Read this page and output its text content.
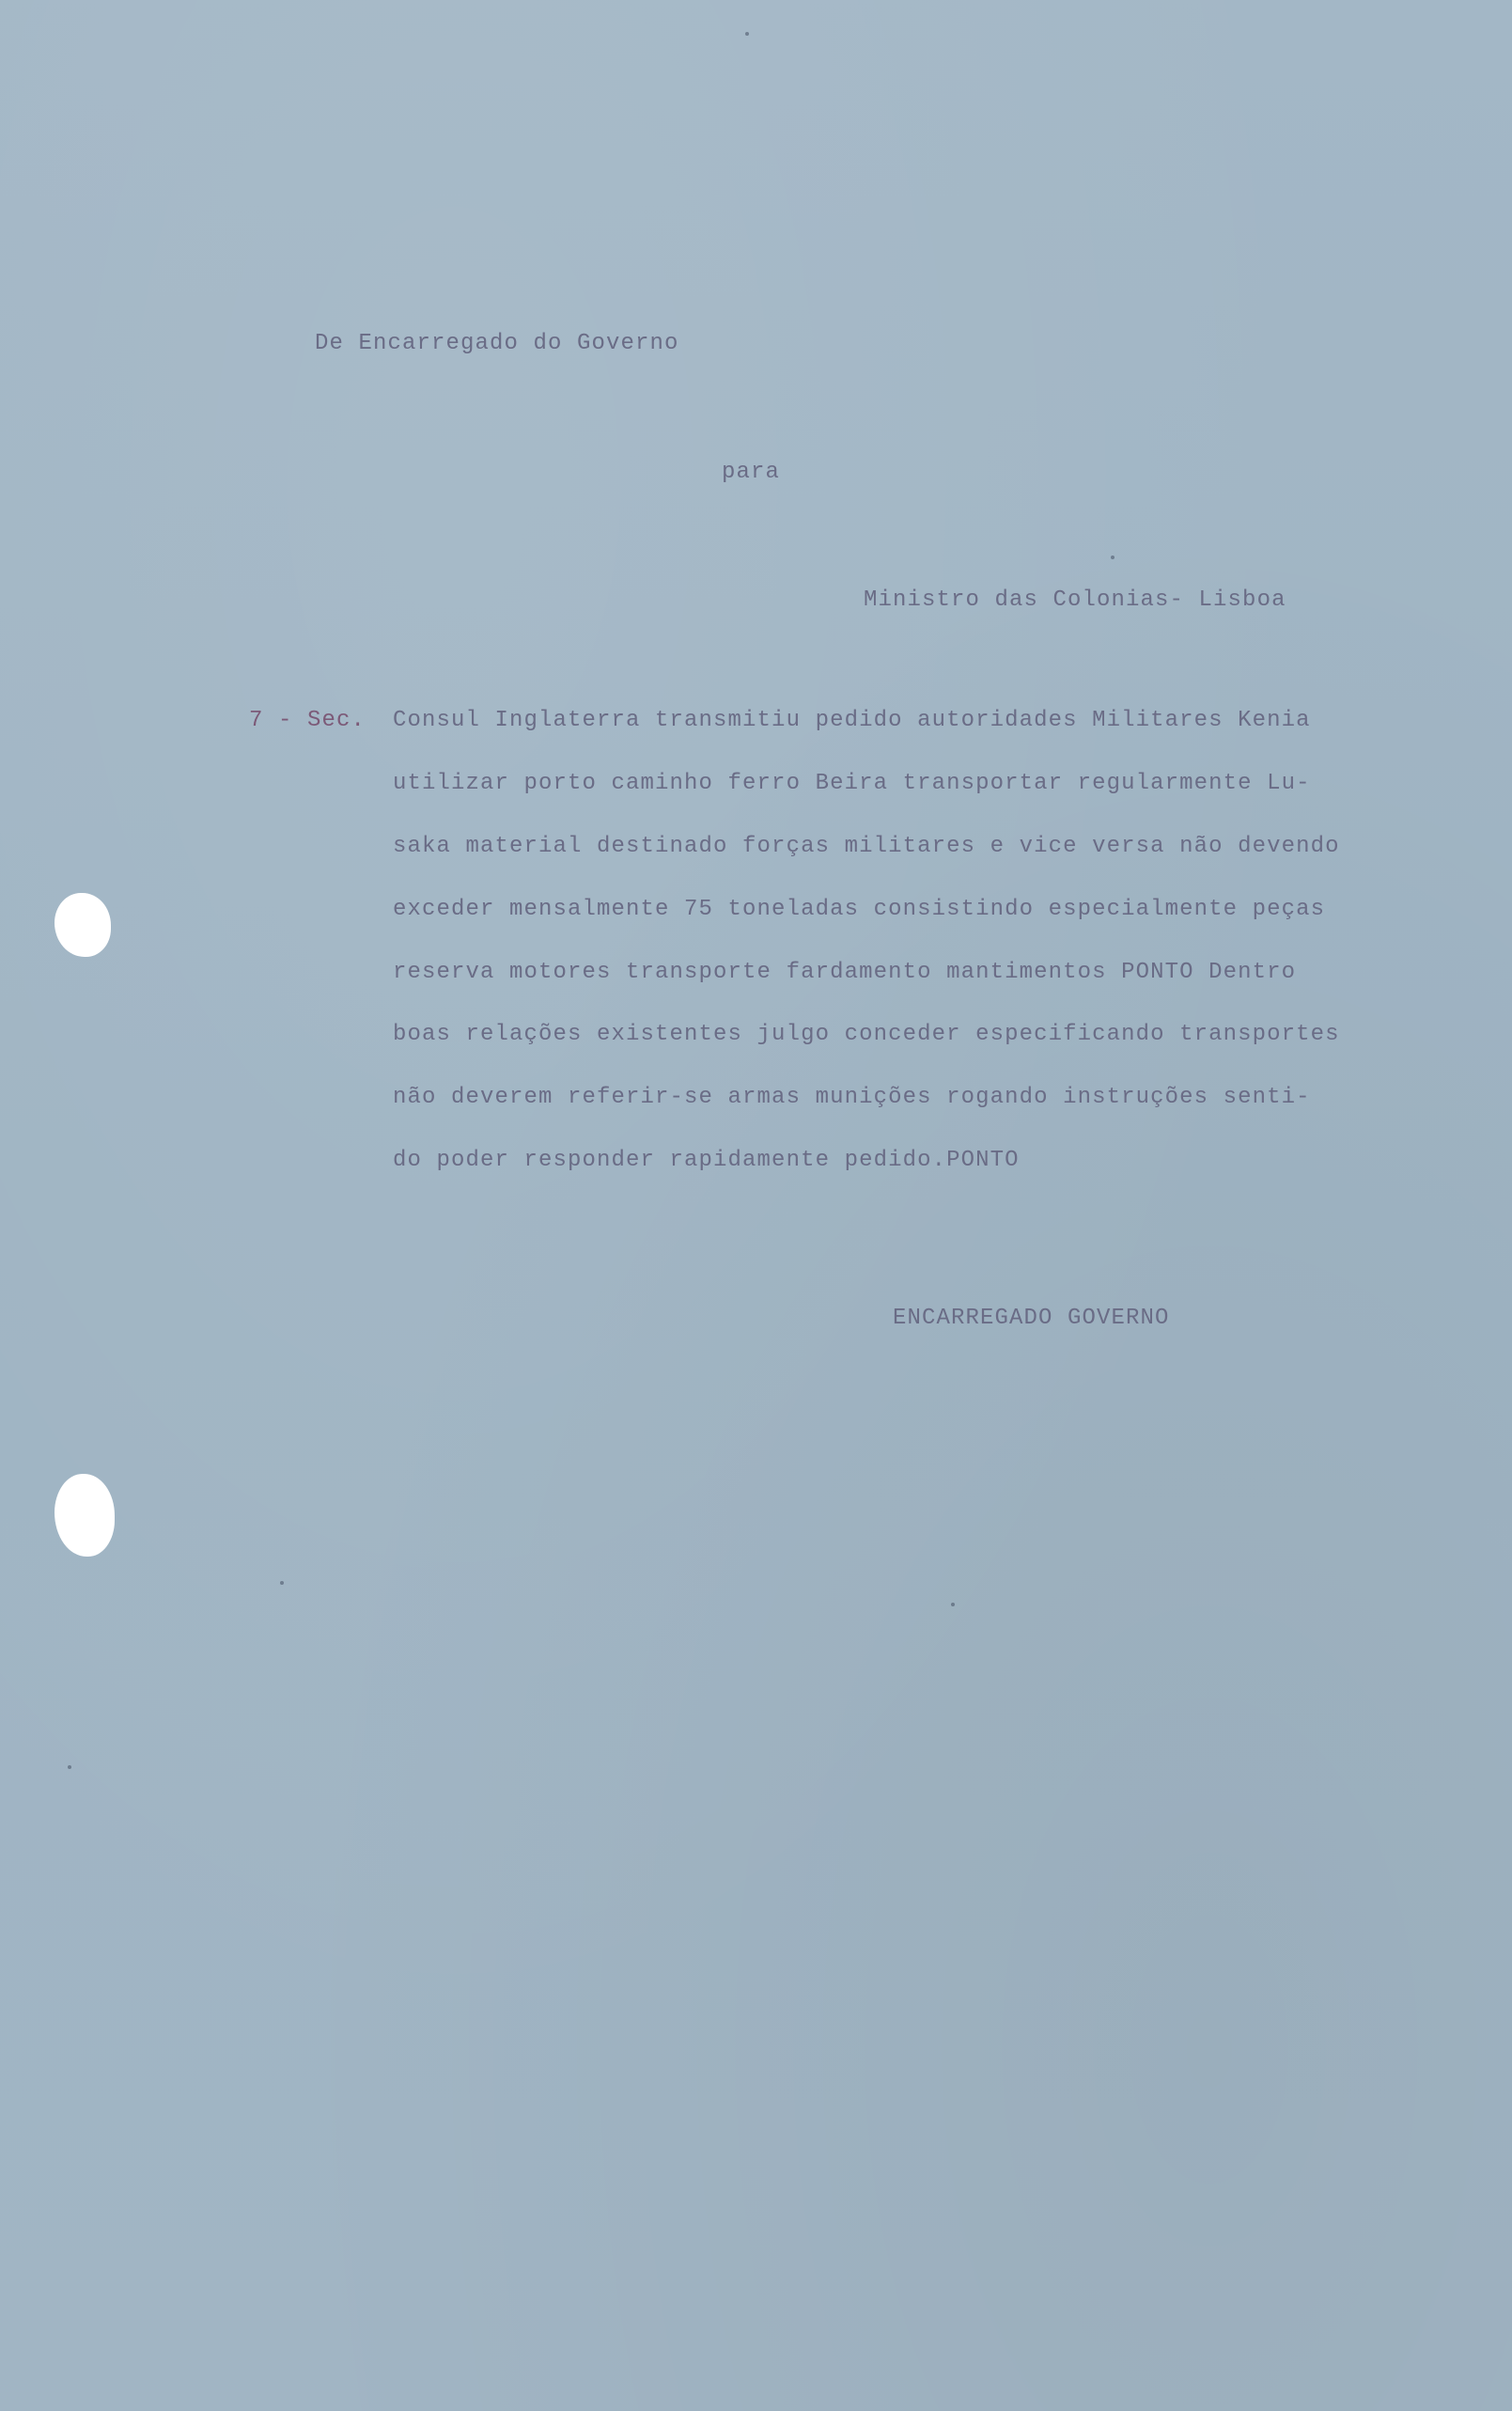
De Encarregado do Governo
para
Ministro das Colonias- Lisboa
7 - Sec. Consul Inglaterra transmitiu pedido autoridades Militares Kenia
utilizar porto caminho ferro Beira transportar regularmente Lu-
saka material destinado forças militares e vice versa não devendo
exceder mensalmente 75 toneladas consistindo especialmente peças
reserva motores transporte fardamento mantimentos PONTO Dentro
boas relações existentes julgo conceder especificando transportes
não deverem referir-se armas munições rogando instruções senti-
do poder responder rapidamente pedido.PONTO
ENCARREGADO GOVERNO
